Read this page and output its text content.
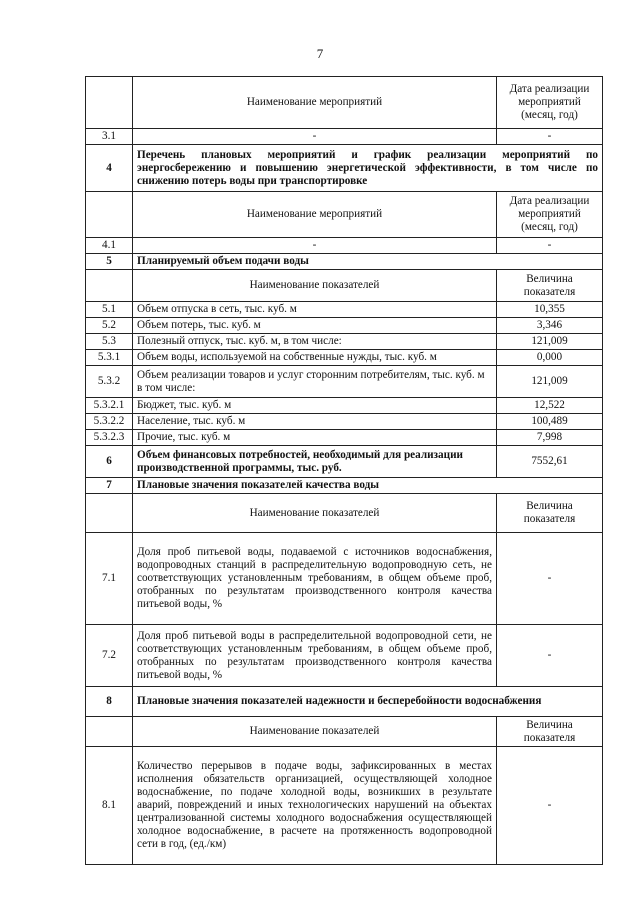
7
	Наименование мероприятий	Дата реализации мероприятий (месяц, год)
3.1	-	-
4	Перечень плановых мероприятий и график реализации мероприятий по энергосбережению и повышению энергетической эффективности, в том числе по снижению потерь воды при транспортировке	
	Наименование мероприятий	Дата реализации мероприятий (месяц, год)
4.1	-	-
5	Планируемый объем подачи воды	
	Наименование показателей	Величина показателя
5.1	Объем отпуска в сеть, тыс. куб. м	10,355
5.2	Объем потерь, тыс. куб. м	3,346
5.3	Полезный отпуск, тыс. куб. м, в том числе:	121,009
5.3.1	Объем воды, используемой на собственные нужды, тыс. куб. м	0,000
5.3.2	Объем реализации товаров и услуг сторонним потребителям, тыс. куб. м в том числе:	121,009
5.3.2.1	Бюджет, тыс. куб. м	12,522
5.3.2.2	Население, тыс. куб. м	100,489
5.3.2.3	Прочие, тыс. куб. м	7,998
6	Объем финансовых потребностей, необходимый для реализации производственной программы, тыс. руб.	7552,61
7	Плановые значения показателей качества воды	
	Наименование показателей	Величина показателя
7.1	Доля проб питьевой воды, подаваемой с источников водоснабжения, водопроводных станций в распределительную водопроводную сеть, не соответствующих установленным требованиям, в общем объеме проб, отобранных по результатам производственного контроля качества питьевой воды, %	-
7.2	Доля проб питьевой воды в распределительной водопроводной сети, не соответствующих установленным требованиям, в общем объеме проб, отобранных по результатам производственного контроля качества питьевой воды, %	-
8	Плановые значения показателей надежности и бесперебойности водоснабжения	
	Наименование показателей	Величина показателя
8.1	Количество перерывов в подаче воды, зафиксированных в местах исполнения обязательств организацией, осуществляющей холодное водоснабжение, по подаче холодной воды, возникших в результате аварий, повреждений и иных технологических нарушений на объектах централизованной системы холодного водоснабжения осуществляющей холодное водоснабжение, в расчете на протяженность водопроводной сети в год, (ед./км)	-
